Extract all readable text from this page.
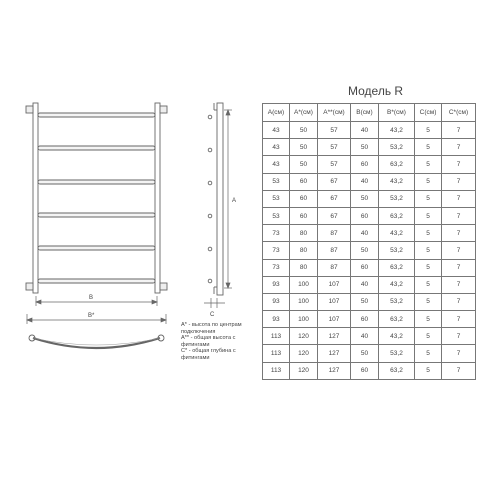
B
B*
A
C
Модель R
A(см)	A*(см)	A**(см)	B(см)	B*(см)	C(см)	C*(см)
43	50	57	40	43,2	5	7
43	50	57	50	53,2	5	7
43	50	57	60	63,2	5	7
53	60	67	40	43,2	5	7
53	60	67	50	53,2	5	7
53	60	67	60	63,2	5	7
73	80	87	40	43,2	5	7
73	80	87	50	53,2	5	7
73	80	87	60	63,2	5	7
93	100	107	40	43,2	5	7
93	100	107	50	53,2	5	7
93	100	107	60	63,2	5	7
113	120	127	40	43,2	5	7
113	120	127	50	53,2	5	7
113	120	127	60	63,2	5	7
A* - высота по центрам
подключения
A** - общая высота с
фитингами
C* - общая глубина с
фитингами
